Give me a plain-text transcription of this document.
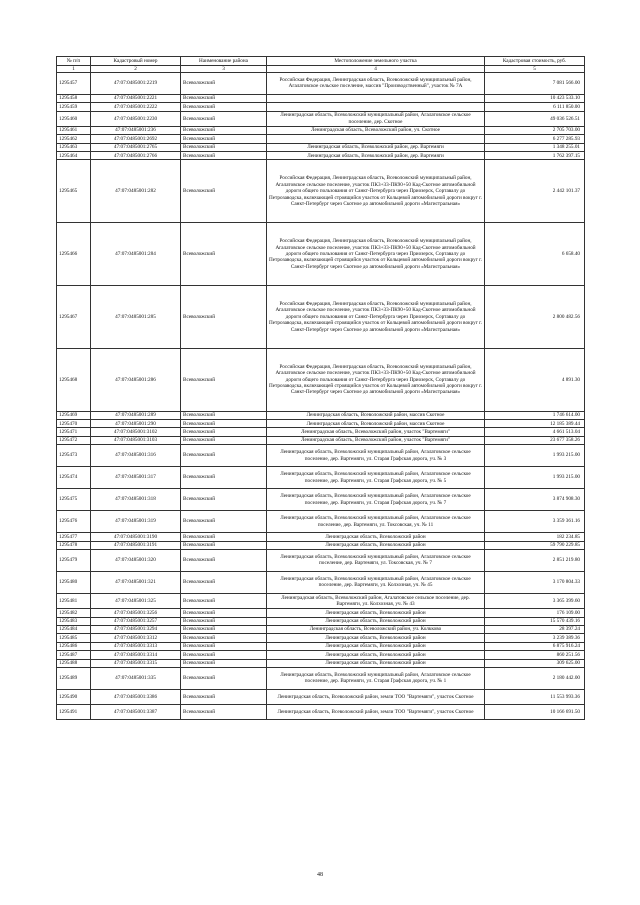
№ п/п	Кадастровый номер	Наименование района	Местоположение земельного участка	Кадастровая стоимость, руб.
1	2	3	4	5
1295457	47:07:0485001:2219	Всеволожский	Российская Федерация, Ленинградская область, Всеволожский муниципальный район, Агалатовское сельское поселение, массив "Производственный", участок № 7А	7 081 566.00
1295458	47:07:0485001:2221	Всеволожский		10 423 533.10
1295459	47:07:0485001:2222	Всеволожский		6 111 850.00
1295460	47:07:0485001:2230	Всеволожский	Ленинградская область, Всеволожский муниципальный район, Агалатовское сельское поселение, дер. Скотное	49 036 526.51
1295461	47:07:0485001:236	Всеволожский	Ленинградская область, Всеволожский район, уч. Скотное	2 705 703.00
1295462	47:07:0485001:2692	Всеволожский		6 277 285.93
1295463	47:07:0485001:2765	Всеволожский	Ленинградская область, Всеволожский район, дер. Вартемяги	1 348 255.01
1295464	47:07:0485001:2766	Всеволожский	Ленинградская область, Всеволожский район, дер. Вартемяги	1 762 397.15
1295465	47:07:0485001:282	Всеволожский	Российская Федерация, Ленинградская область, Всеволожский муниципальный район, Агалатовское сельское поселение, участок ПК3+33-ПК90+50 Кад-Скотное автомобильной дороги общего пользования от Санкт-Петербурга через Приозерск, Сортавалу до Петрозаводска, включающей строящийся участок от Кольцевой автомобильной дороги вокруг г. Санкт-Петербург через Скотное до автомобильной дороги «Магистральная»	2 442 101.37
1295466	47:07:0485001:284	Всеволожский	Российская Федерация, Ленинградская область, Всеволожский муниципальный район, Агалатовское сельское поселение, участок ПК3+33-ПК90+50 Кад-Скотное автомобильной дороги общего пользования от Санкт-Петербурга через Приозерск, Сортавалу до Петрозаводска, включающей строящийся участок от Кольцевой автомобильной дороги вокруг г. Санкт-Петербург через Скотное до автомобильной дороги «Магистральная»	6 658.40
1295467	47:07:0485001:285	Всеволожский	Российская Федерация, Ленинградская область, Всеволожский муниципальный район, Агалатовское сельское поселение, участок ПК3+33-ПК90+50 Кад-Скотное автомобильной дороги общего пользования от Санкт-Петербурга через Приозерск, Сортавалу до Петрозаводска, включающей строящийся участок от Кольцевой автомобильной дороги вокруг г. Санкт-Петербург через Скотное до автомобильной дороги «Магистральная»	2 800 482.56
1295468	47:07:0485001:286	Всеволожский	Российская Федерация, Ленинградская область, Всеволожский муниципальный район, Агалатовское сельское поселение, участок ПК3+33-ПК90+50 Кад-Скотное автомобильной дороги общего пользования от Санкт-Петербурга через Приозерск, Сортавалу до Петрозаводска, включающей строящийся участок от Кольцевой автомобильной дороги вокруг г. Санкт-Петербург через Скотное до автомобильной дороги «Магистральная»	4 891.30
1295469	47:07:0485001:289	Всеволожский	Ленинградская область, Всеволожский район, массив Скотное	1 746 614.00
1295470	47:07:0485001:290	Всеволожский	Ленинградская область, Всеволожский район, массив Скотное	12 185 389.44
1295471	47:07:0485001:3102	Всеволожский	Ленинградская область, Всеволожский район, участок "Вартемяги"	4 661 513.04
1295472	47:07:0485001:3103	Всеволожский	Ленинградская область, Всеволожский район, участок "Вартемяги"	23 677 358.26
1295473	47:07:0485001:316	Всеволожский	Ленинградская область, Всеволожский муниципальный район, Агалатовское сельское поселение, дер. Вартемяги, ул. Старая Графская дорога, уч. № 3	1 993 215.00
1295474	47:07:0485001:317	Всеволожский	Ленинградская область, Всеволожский муниципальный район, Агалатовское сельское поселение, дер. Вартемяги, ул. Старая Графская дорога, уч. № 5	1 993 215.00
1295475	47:07:0485001:318	Всеволожский	Ленинградская область, Всеволожский муниципальный район, Агалатовское сельское поселение, дер. Вартемяги, ул. Старая Графская дорога, уч. № 7	3 874 908.30
1295476	47:07:0485001:319	Всеволожский	Ленинградская область, Всеволожский муниципальный район, Агалатовское сельское поселение, дер. Вартемяги, ул. Токсовская, уч. № 11	3 359 361.16
1295477	47:07:0485001:3190	Всеволожский	Ленинградская область, Всеволожский район	182 234.85
1295478	47:07:0485001:3191	Всеволожский	Ленинградская область, Всеволожский район	59 790 229.85
1295479	47:07:0485001:320	Всеволожский	Ленинградская область, Всеволожский муниципальный район, Агалатовское сельское поселение, дер. Вартемяги, ул. Токсовская, уч. № 7	2 851 219.80
1295480	47:07:0485001:321	Всеволожский	Ленинградская область, Всеволожский муниципальный район, Агалатовское сельское поселение, дер. Вартемяги, ул. Колхозная, уч. № 45	3 170 804.33
1295481	47:07:0485001:325	Всеволожский	Ленинградская область, Всеволожский район, Агалатовское сельское поселение, дер. Вартемяги, ул. Колхозная, уч. № 43	3 365 399.60
1295482	47:07:0485001:3256	Всеволожский	Ленинградская область, Всеволожский район	176 109.00
1295483	47:07:0485001:3257	Всеволожский	Ленинградская область, Всеволожский район	15 570 439.16
1295484	47:07:0485001:3294	Всеволожский	Ленинградская область, Всеволожский район, уч. Колкково	28 397.24
1295485	47:07:0485001:3312	Всеволожский	Ленинградская область, Всеволожский район	3 239 389.36
1295486	47:07:0485001:3313	Всеволожский	Ленинградская область, Всеволожский район	6 875 916.24
1295487	47:07:0485001:3314	Всеволожский	Ленинградская область, Всеволожский район	860 251.56
1295488	47:07:0485001:3315	Всеволожский	Ленинградская область, Всеволожский район	309 625.00
1295489	47:07:0485001:335	Всеволожский	Ленинградская область, Всеволожский муниципальный район, Агалатовское сельское поселение, дер. Вартемяги, ул. Старая Графская дорога, уч. № 1	2 180 442.00
1295490	47:07:0485001:3386	Всеволожский	Ленинградская область, Всеволожский район, земли ТОО "Вартемяги", участок Скотное	11 553 993.36
1295491	47:07:0485001:3387	Всеволожский	Ленинградская область, Всеволожский район, земли ТОО "Вартемяги", участок Скотное	10 166 691.50
48
